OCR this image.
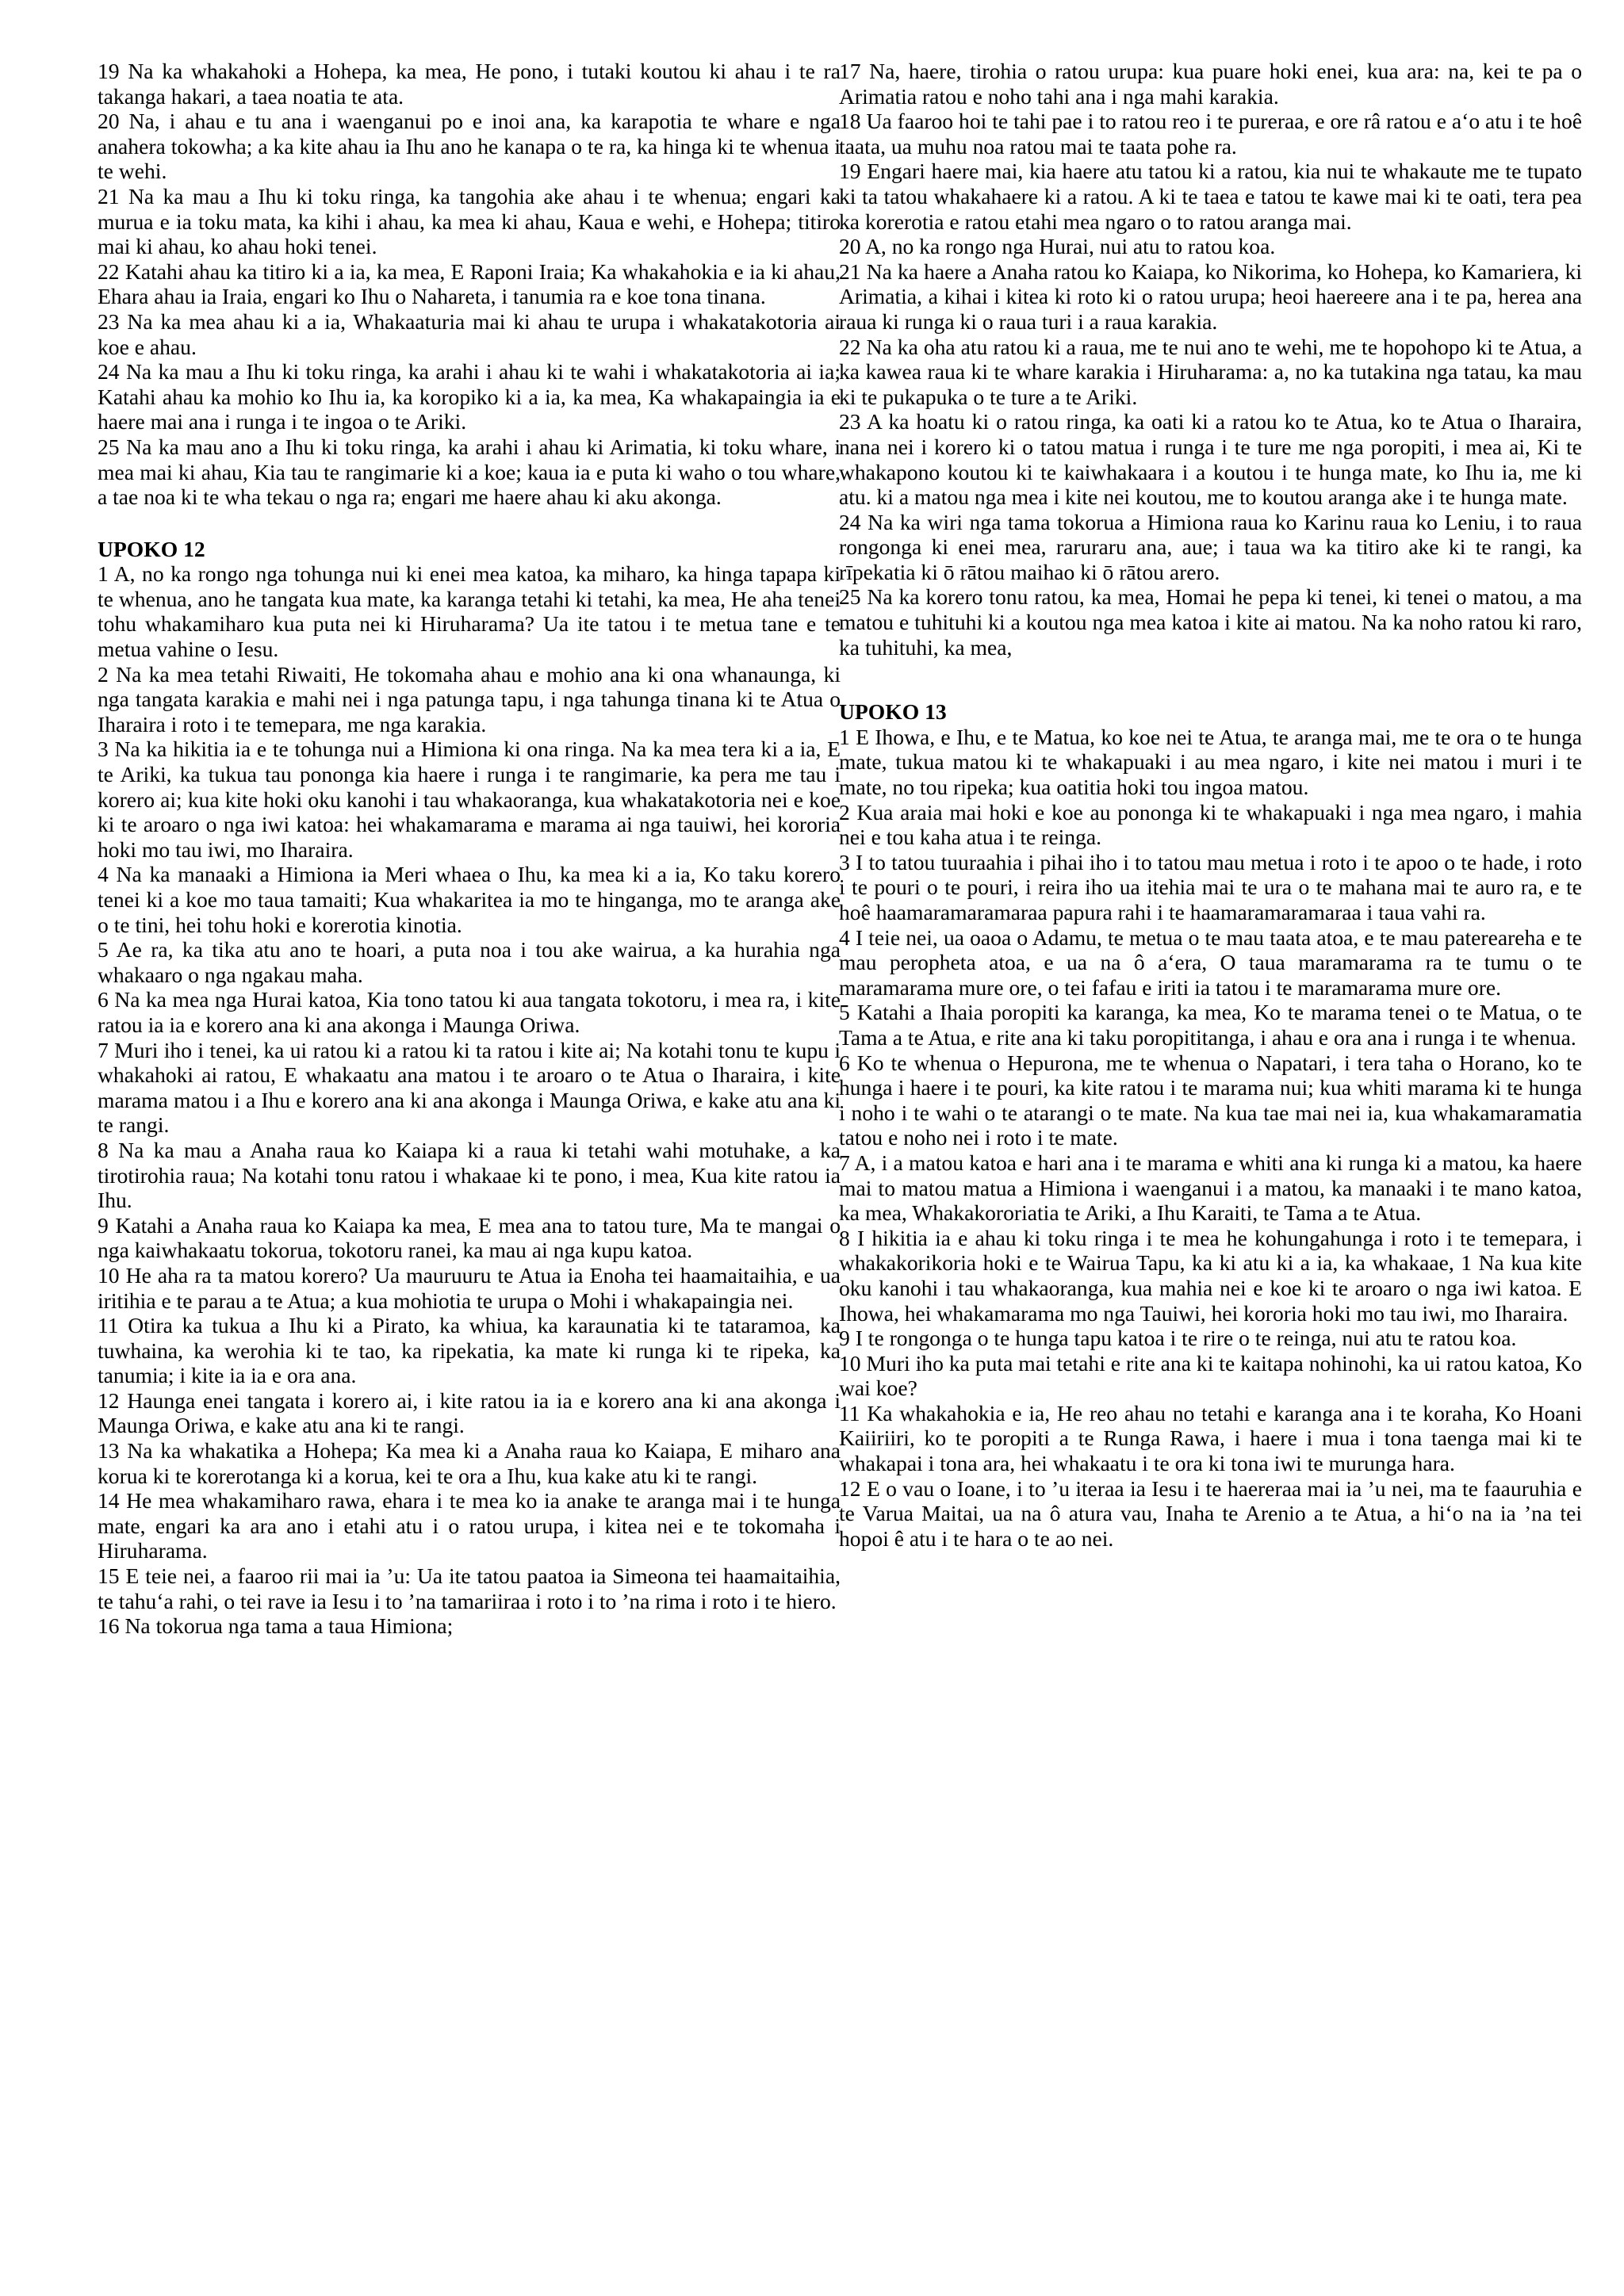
19 Na ka whakahoki a Hohepa, ka mea, He pono, i tutaki koutou ki ahau i te ra takanga hakari, a taea noatia te ata.

20 Na, i ahau e tu ana i waenganui po e inoi ana, ka karapotia te whare e nga anahera tokowha; a ka kite ahau ia Ihu ano he kanapa o te ra, ka hinga ki te whenua i te wehi.

21 Na ka mau a Ihu ki toku ringa, ka tangohia ake ahau i te whenua; engari ka murua e ia toku mata, ka kihi i ahau, ka mea ki ahau, Kaua e wehi, e Hohepa; titiro mai ki ahau, ko ahau hoki tenei.

22 Katahi ahau ka titiro ki a ia, ka mea, E Raponi Iraia; Ka whakahokia e ia ki ahau, Ehara ahau ia Iraia, engari ko Ihu o Nahareta, i tanumia ra e koe tona tinana.

23 Na ka mea ahau ki a ia, Whakaaturia mai ki ahau te urupa i whakatakotoria ai koe e ahau.

24 Na ka mau a Ihu ki toku ringa, ka arahi i ahau ki te wahi i whakatakotoria ai ia; Katahi ahau ka mohio ko Ihu ia, ka koropiko ki a ia, ka mea, Ka whakapaingia ia e haere mai ana i runga i te ingoa o te Ariki.

25 Na ka mau ano a Ihu ki toku ringa, ka arahi i ahau ki Arimatia, ki toku whare, i mea mai ki ahau, Kia tau te rangimarie ki a koe; kaua ia e puta ki waho o tou whare, a tae noa ki te wha tekau o nga ra; engari me haere ahau ki aku akonga.

UPOKO 12

1 A, no ka rongo nga tohunga nui ki enei mea katoa, ka miharo, ka hinga tapapa ki te whenua, ano he tangata kua mate, ka karanga tetahi ki tetahi, ka mea, He aha tenei tohu whakamiharo kua puta nei ki Hiruharama? Ua ite tatou i te metua tane e te metua vahine o Iesu.

2 Na ka mea tetahi Riwaiti, He tokomaha ahau e mohio ana ki ona whanaunga, ki nga tangata karakia e mahi nei i nga patunga tapu, i nga tahunga tinana ki te Atua o Iharaira i roto i te temepara, me nga karakia.

3 Na ka hikitia ia e te tohunga nui a Himiona ki ona ringa. Na ka mea tera ki a ia, E te Ariki, ka tukua tau pononga kia haere i runga i te rangimarie, ka pera me tau i korero ai; kua kite hoki oku kanohi i tau whakaoranga, kua whakatakotoria nei e koe ki te aroaro o nga iwi katoa: hei whakamarama e marama ai nga tauiwi, hei kororia hoki mo tau iwi, mo Iharaira.

4 Na ka manaaki a Himiona ia Meri whaea o Ihu, ka mea ki a ia, Ko taku korero tenei ki a koe mo taua tamaiti; Kua whakaritea ia mo te hinganga, mo te aranga ake o te tini, hei tohu hoki e korerotia kinotia.

5 Ae ra, ka tika atu ano te hoari, a puta noa i tou ake wairua, a ka hurahia nga whakaaro o nga ngakau maha.

6 Na ka mea nga Hurai katoa, Kia tono tatou ki aua tangata tokotoru, i mea ra, i kite ratou ia ia e korero ana ki ana akonga i Maunga Oriwa.

7 Muri iho i tenei, ka ui ratou ki a ratou ki ta ratou i kite ai; Na kotahi tonu te kupu i whakahoki ai ratou, E whakaatu ana matou i te aroaro o te Atua o Iharaira, i kite marama matou i a Ihu e korero ana ki ana akonga i Maunga Oriwa, e kake atu ana ki te rangi.

8 Na ka mau a Anaha raua ko Kaiapa ki a raua ki tetahi wahi motuhake, a ka tirotirohia raua; Na kotahi tonu ratou i whakaae ki te pono, i mea, Kua kite ratou ia Ihu.

9 Katahi a Anaha raua ko Kaiapa ka mea, E mea ana to tatou ture, Ma te mangai o nga kaiwhakaatu tokorua, tokotoru ranei, ka mau ai nga kupu katoa.

10 He aha ra ta matou korero? Ua mauruuru te Atua ia Enoha tei haamaitaihia, e ua iritihia e te parau a te Atua; a kua mohiotia te urupa o Mohi i whakapaingia nei.

11 Otira ka tukua a Ihu ki a Pirato, ka whiua, ka karaunatia ki te tataramoa, ka tuwhaina, ka werohia ki te tao, ka ripekatia, ka mate ki runga ki te ripeka, ka tanumia; i kite ia ia e ora ana.

12 Haunga enei tangata i korero ai, i kite ratou ia ia e korero ana ki ana akonga i Maunga Oriwa, e kake atu ana ki te rangi.

13 Na ka whakatika a Hohepa; Ka mea ki a Anaha raua ko Kaiapa, E miharo ana korua ki te korerotanga ki a korua, kei te ora a Ihu, kua kake atu ki te rangi.

14 He mea whakamiharo rawa, ehara i te mea ko ia anake te aranga mai i te hunga mate, engari ka ara ano i etahi atu i o ratou urupa, i kitea nei e te tokomaha i Hiruharama.

15 E teie nei, a faaroo rii mai ia ’u: Ua ite tatou paatoa ia Simeona tei haamaitaihia, te tahu‘a rahi, o tei rave ia Iesu i to ’na tamariiraa i roto i to ’na rima i roto i te hiero.

16 Na tokorua nga tama a taua Himiona;

17 Na, haere, tirohia o ratou urupa: kua puare hoki enei, kua ara: na, kei te pa o Arimatia ratou e noho tahi ana i nga mahi karakia.

18 Ua faaroo hoi te tahi pae i to ratou reo i te pureraa, e ore râ ratou e a‘o atu i te hoê taata, ua muhu noa ratou mai te taata pohe ra.

19 Engari haere mai, kia haere atu tatou ki a ratou, kia nui te whakaute me te tupato ki ta tatou whakahaere ki a ratou. A ki te taea e tatou te kawe mai ki te oati, tera pea ka korerotia e ratou etahi mea ngaro o to ratou aranga mai.

20 A, no ka rongo nga Hurai, nui atu to ratou koa.

21 Na ka haere a Anaha ratou ko Kaiapa, ko Nikorima, ko Hohepa, ko Kamariera, ki Arimatia, a kihai i kitea ki roto ki o ratou urupa; heoi haereere ana i te pa, herea ana raua ki runga ki o raua turi i a raua karakia.

22 Na ka oha atu ratou ki a raua, me te nui ano te wehi, me te hopohopo ki te Atua, a ka kawea raua ki te whare karakia i Hiruharama: a, no ka tutakina nga tatau, ka mau ki te pukapuka o te ture a te Ariki.

23 A ka hoatu ki o ratou ringa, ka oati ki a ratou ko te Atua, ko te Atua o Iharaira, nana nei i korero ki o tatou matua i runga i te ture me nga poropiti, i mea ai, Ki te whakapono koutou ki te kaiwhakaara i a koutou i te hunga mate, ko Ihu ia, me ki atu. ki a matou nga mea i kite nei koutou, me to koutou aranga ake i te hunga mate.

24 Na ka wiri nga tama tokorua a Himiona raua ko Karinu raua ko Leniu, i to raua rongonga ki enei mea, raruraru ana, aue; i taua wa ka titiro ake ki te rangi, ka rīpekatia ki ō rātou maihao ki ō rātou arero.

25 Na ka korero tonu ratou, ka mea, Homai he pepa ki tenei, ki tenei o matou, a ma matou e tuhituhi ki a koutou nga mea katoa i kite ai matou. Na ka noho ratou ki raro, ka tuhituhi, ka mea,

UPOKO 13

1 E Ihowa, e Ihu, e te Matua, ko koe nei te Atua, te aranga mai, me te ora o te hunga mate, tukua matou ki te whakapuaki i au mea ngaro, i kite nei matou i muri i te mate, no tou ripeka; kua oatitia hoki tou ingoa matou.

2 Kua araia mai hoki e koe au pononga ki te whakapuaki i nga mea ngaro, i mahia nei e tou kaha atua i te reinga.

3 I to tatou tuuraahia i pihai iho i to tatou mau metua i roto i te apoo o te hade, i roto i te pouri o te pouri, i reira iho ua itehia mai te ura o te mahana mai te auro ra, e te hoê haamaramaramaraa papura rahi i te haamaramaramaraa i taua vahi ra.

4 I teie nei, ua oaoa o Adamu, te metua o te mau taata atoa, e te mau patereareha e te mau peropheta atoa, e ua na ô a‘era, O taua maramarama ra te tumu o te maramarama mure ore, o tei fafau e iriti ia tatou i te maramarama mure ore.

5 Katahi a Ihaia poropiti ka karanga, ka mea, Ko te marama tenei o te Matua, o te Tama a te Atua, e rite ana ki taku poropititanga, i ahau e ora ana i runga i te whenua.

6 Ko te whenua o Hepurona, me te whenua o Napatari, i tera taha o Horano, ko te hunga i haere i te pouri, ka kite ratou i te marama nui; kua whiti marama ki te hunga i noho i te wahi o te atarangi o te mate. Na kua tae mai nei ia, kua whakamaramatia tatou e noho nei i roto i te mate.

7 A, i a matou katoa e hari ana i te marama e whiti ana ki runga ki a matou, ka haere mai to matou matua a Himiona i waenganui i a matou, ka manaaki i te mano katoa, ka mea, Whakakororiatia te Ariki, a Ihu Karaiti, te Tama a te Atua.

8 I hikitia ia e ahau ki toku ringa i te mea he kohungahunga i roto i te temepara, i whakakorikoria hoki e te Wairua Tapu, ka ki atu ki a ia, ka whakaae, 1 Na kua kite oku kanohi i tau whakaoranga, kua mahia nei e koe ki te aroaro o nga iwi katoa. E Ihowa, hei whakamarama mo nga Tauiwi, hei kororia hoki mo tau iwi, mo Iharaira.

9 I te rongonga o te hunga tapu katoa i te rire o te reinga, nui atu te ratou koa.

10 Muri iho ka puta mai tetahi e rite ana ki te kaitapa nohinohi, ka ui ratou katoa, Ko wai koe?

11 Ka whakahokia e ia, He reo ahau no tetahi e karanga ana i te koraha, Ko Hoani Kaiiriiri, ko te poropiti a te Runga Rawa, i haere i mua i tona taenga mai ki te whakapai i tona ara, hei whakaatu i te ora ki tona iwi te murunga hara.

12 E o vau o Ioane, i to ’u iteraa ia Iesu i te haereraa mai ia ’u nei, ma te faauruhia e te Varua Maitai, ua na ô atura vau, Inaha te Arenio a te Atua, a hi‘o na ia ’na tei hopoi ê atu i te hara o te ao nei.
